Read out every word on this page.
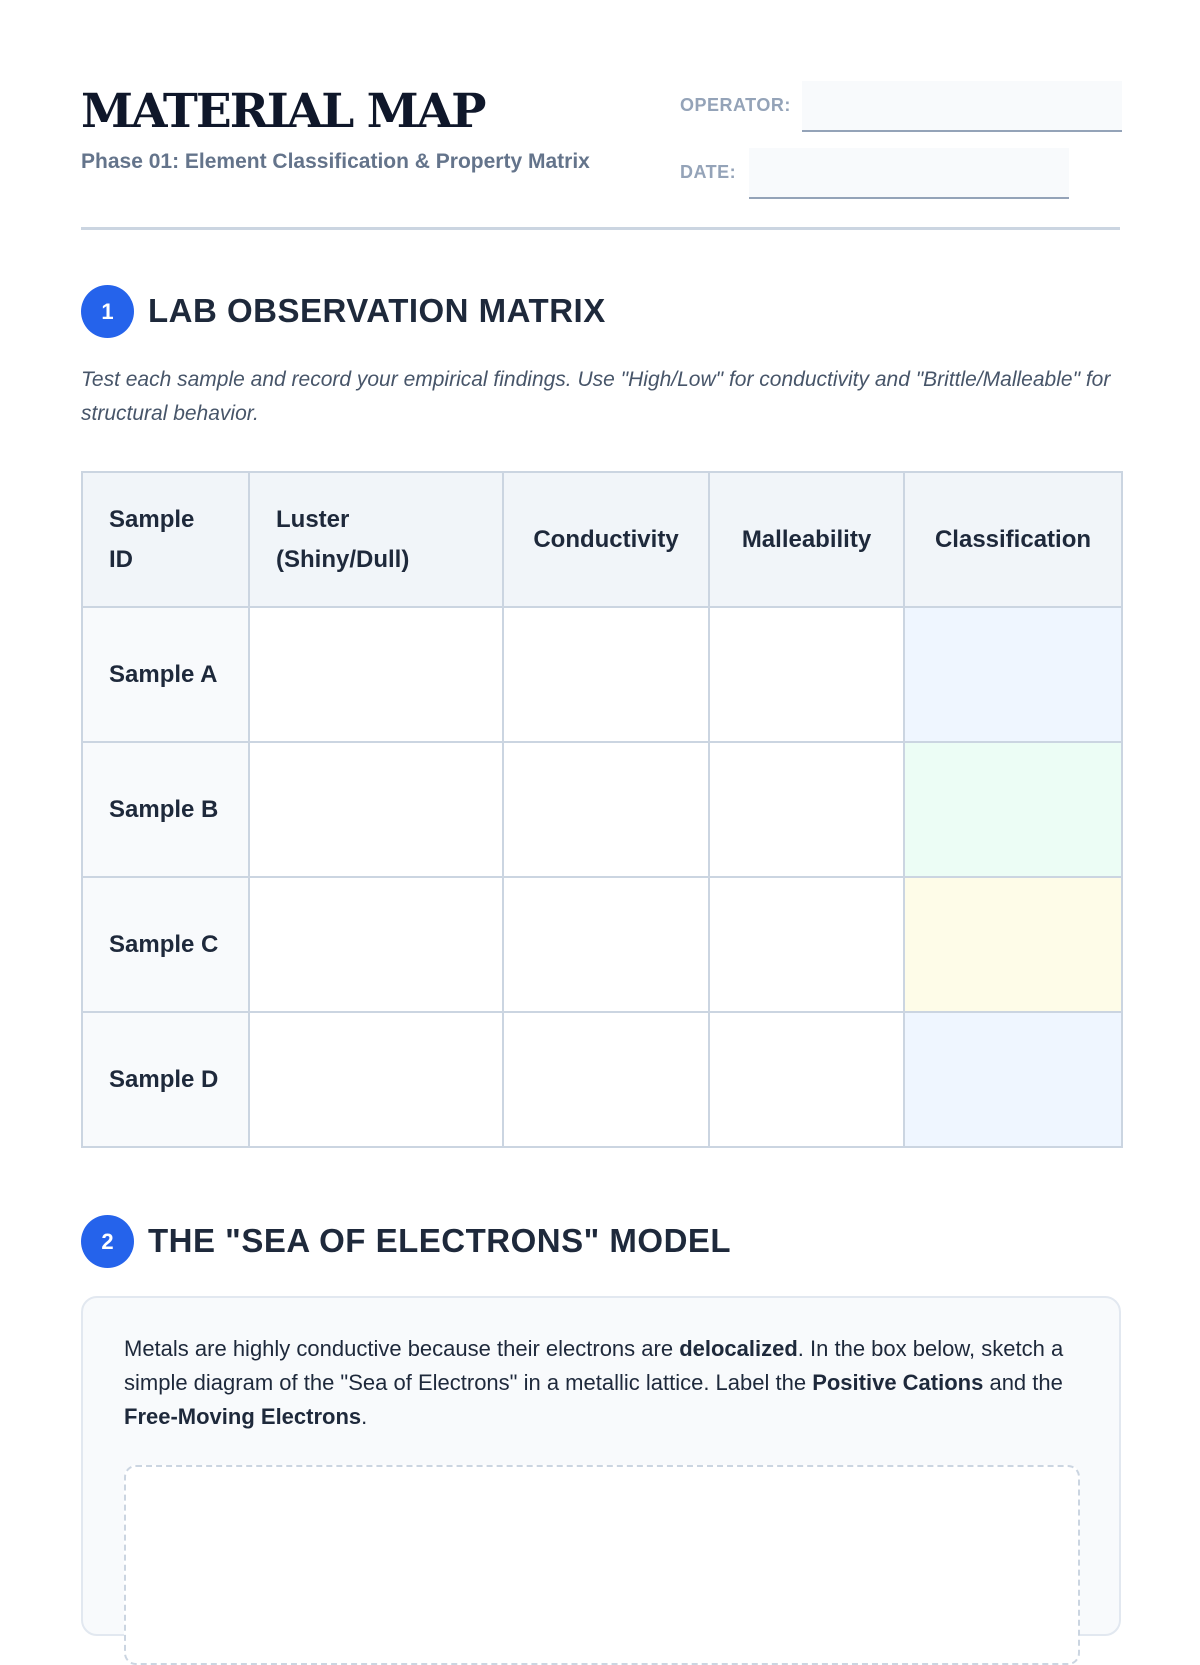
MATERIAL MAP
Phase 01: Element Classification & Property Matrix
OPERATOR:
DATE:
1	LAB OBSERVATION MATRIX

Test each sample and record your empirical findings. Use "High/Low" for conductivity and "Brittle/Malleable" for structural behavior.

Sample ID	Luster (Shiny/Dull)	Conductivity	Malleability	Classification
Sample A				
Sample B				
Sample C				
Sample D				
2	THE "SEA OF ELECTRONS" MODEL

Metals are highly conductive because their electrons are delocalized. In the box below, sketch a simple diagram of the "Sea of Electrons" in a metallic lattice. Label the Positive Cations and the Free-Moving Electrons.
